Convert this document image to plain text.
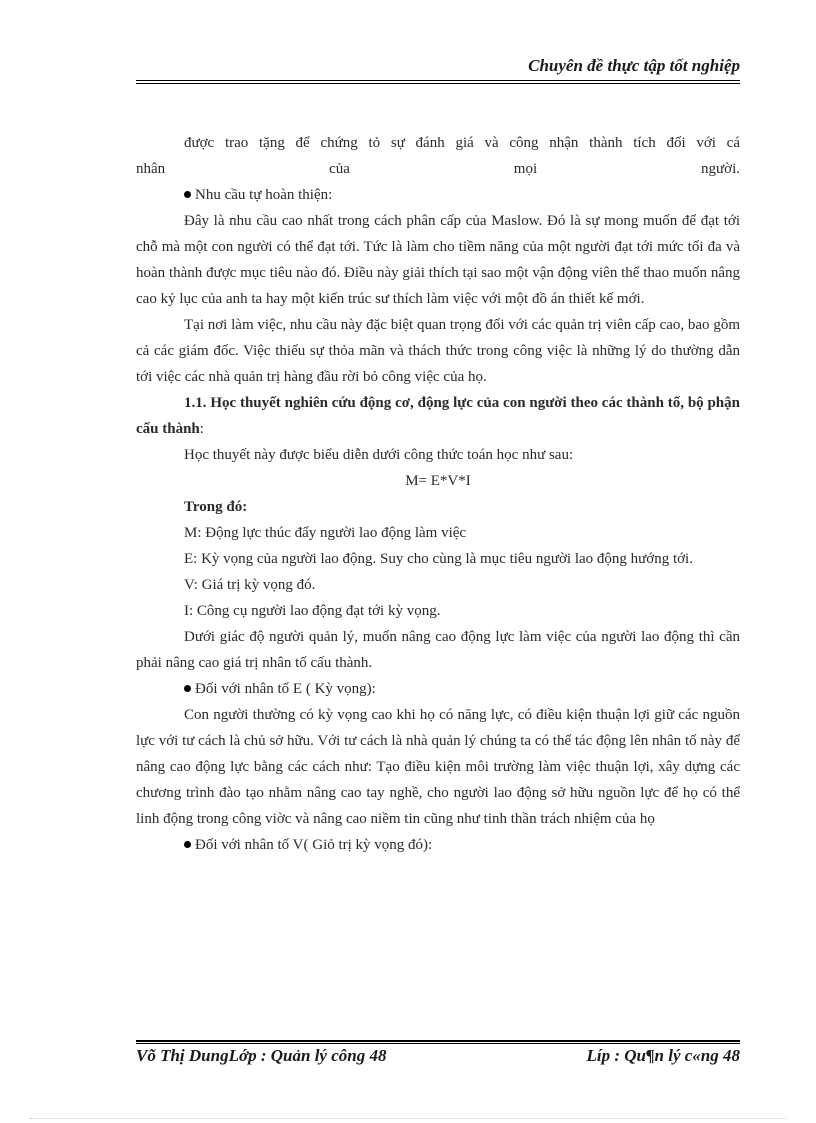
Chuyên đề thực tập tốt nghiệp

được trao tặng để chứng tỏ sự đánh giá và công nhận thành tích đối với cá

nhân	của	mọi	người.

Nhu cầu tự hoàn thiện:

Đây là nhu cầu cao nhất trong cách phân cấp của Maslow. Đó là sự mong muốn để đạt tới chỗ mà một con người có thể đạt tới. Tức là làm cho tiềm năng của một người đạt tới mức tối đa và hoàn thành được mục tiêu nào đó. Điều này giải thích tại sao một vận động viên thể thao muốn nâng cao kỷ lục của anh ta hay một kiến trúc sư thích làm việc với một đồ án thiết kế mới.

Tại nơi làm việc, nhu cầu này đặc biệt quan trọng đối với các quản trị viên cấp cao, bao gồm cả các giám đốc. Việc thiếu sự thỏa mãn và thách thức trong công việc là những lý do thường dẫn tới việc các nhà quản trị hàng đầu rời bỏ công việc của họ.

1.1. Học thuyết nghiên cứu động cơ, động lực của con người theo các thành tố, bộ phận cấu thành:

Học thuyết này được biểu diễn dưới công thức toán học như sau:

M= E*V*I

Trong đó:

M: Động lực thúc đẩy người lao động làm việc

E: Kỳ vọng của người lao động. Suy cho cùng là mục tiêu người lao động hướng tới.

V: Giá trị kỳ vọng đó.

I: Công cụ người lao động đạt tới kỳ vọng.

Dưới giác độ người quản lý, muốn nâng cao động lực làm việc của người lao động thì cần phải nâng cao giá trị nhân tố cấu thành.

Đối với nhân tố E ( Kỳ vọng):

Con người thường có kỳ vọng cao khi họ có năng lực, có điều kiện thuận lợi giữ các nguồn lực với tư cách là chủ sở hữu. Với tư cách là nhà quản lý chúng ta có thể tác động lên nhân tố này để nâng cao động lực bằng các cách như: Tạo điều kiện môi trường làm việc thuận lợi, xây dựng các chương trình đào tạo nhằm nâng cao tay nghề, cho người lao động sở hữu nguồn lực để họ có thể linh động trong công viờc và nâng cao niềm tin cũng như tinh thần trách nhiệm của họ

Đối với nhân tố V( Giỏ trị kỳ vọng đó):

Võ Thị DungLớp : Quản lý công 48	Líp : Qu¶n lý c«ng 48
